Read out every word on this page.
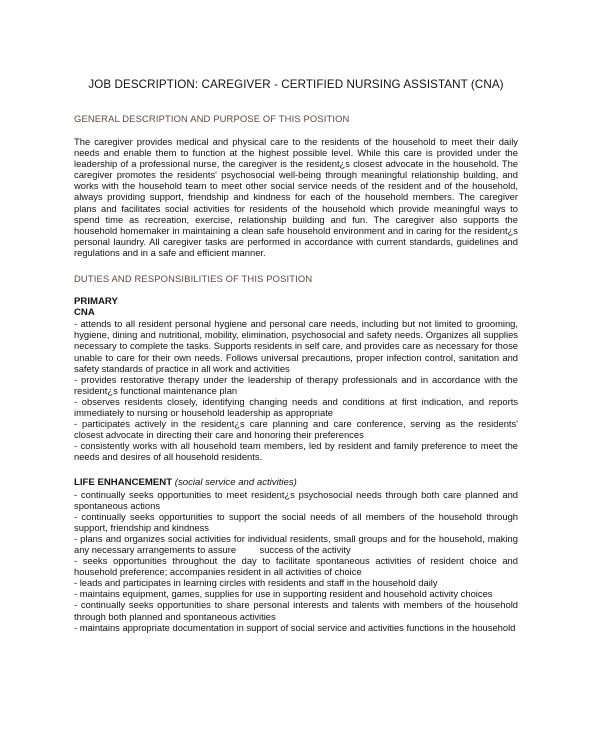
JOB DESCRIPTION: CAREGIVER - CERTIFIED NURSING ASSISTANT (CNA)
GENERAL DESCRIPTION AND PURPOSE OF THIS POSITION

The caregiver provides medical and physical care to the residents of the household to meet their daily needs and enable them to function at the highest possible level. While this care is provided under the leadership of a professional nurse, the caregiver is the resident¿s closest advocate in the household. The caregiver promotes the residents' psychosocial well-being through meaningful relationship building, and works with the household team to meet other social service needs of the resident and of the household, always providing support, friendship and kindness for each of the household members. The caregiver plans and facilitates social activities for residents of the household which provide meaningful ways to spend time as recreation, exercise, relationship building and fun. The caregiver also supports the household homemaker in maintaining a clean safe household environment and in caring for the resident¿s personal laundry. All caregiver tasks are performed in accordance with current standards, guidelines and regulations and in a safe and efficient manner.

DUTIES AND RESPONSIBILITIES OF THIS POSITION
PRIMARY
CNA
- attends to all resident personal hygiene and personal care needs, including but not limited to grooming, hygiene, dining and nutritional, mobility, elimination, psychosocial and safety needs. Organizes all supplies necessary to complete the tasks. Supports residents in self care, and provides care as necessary for those unable to care for their own needs. Follows universal precautions, proper infection control, sanitation and safety standards of practice in all work and activities
- provides restorative therapy under the leadership of therapy professionals and in accordance with the resident¿s functional maintenance plan
- observes residents closely, identifying changing needs and conditions at first indication, and reports immediately to nursing or household leadership as appropriate
- participates actively in the resident¿s care planning and care conference, serving as the residents' closest advocate in directing their care and honoring their preferences
- consistently works with all household team members, led by resident and family preference to meet the needs and desires of all household residents.
LIFE ENHANCEMENT (social service and activities)
- continually seeks opportunities to meet resident¿s psychosocial needs through both care planned and spontaneous actions
- continually seeks opportunities to support the social needs of all members of the household through support, friendship and kindness
- plans and organizes social activities for individual residents, small groups and for the household, making any necessary arrangements to assure         success of the activity
- seeks opportunities throughout the day to facilitate spontaneous activities of resident choice and household preference; accompanies resident in all activities of choice
- leads and participates in learning circles with residents and staff in the household daily
- maintains equipment, games, supplies for use in supporting resident and household activity choices
- continually seeks opportunities to share personal interests and talents with members of the household through both planned and spontaneous activities
- maintains appropriate documentation in support of social service and activities functions in the household
